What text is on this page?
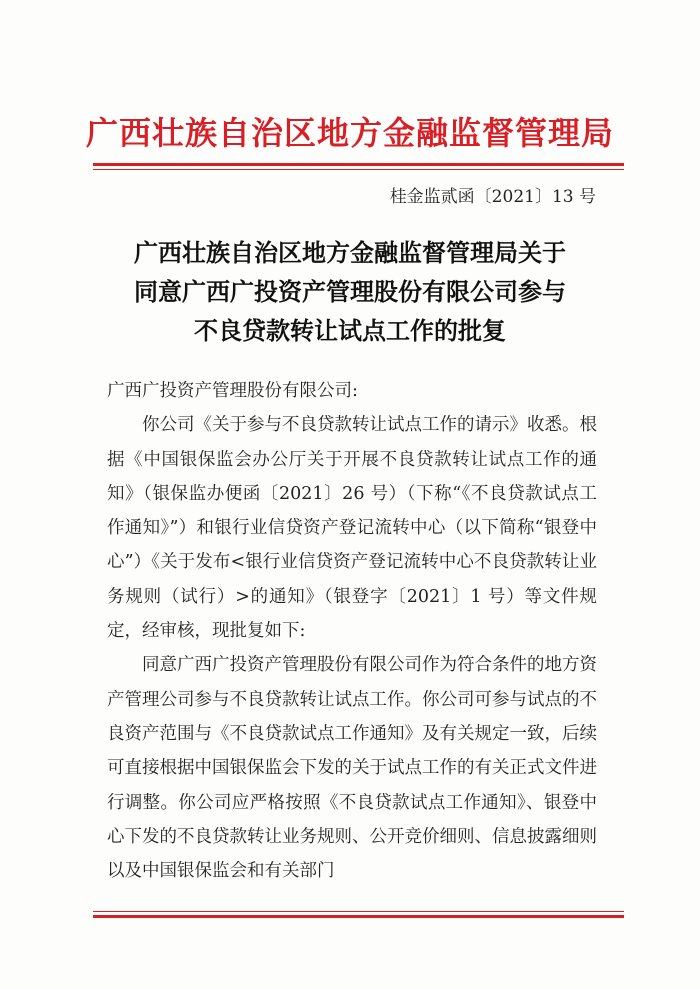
广西壮族自治区地方金融监督管理局
桂金监贰函〔2021〕13 号
广西壮族自治区地方金融监督管理局关于
同意广西广投资产管理股份有限公司参与
不良贷款转让试点工作的批复

广西广投资产管理股份有限公司:

你公司《关于参与不良贷款转让试点工作的请示》收悉。根据《中国银保监会办公厅关于开展不良贷款转让试点工作的通知》（银保监办便函〔2021〕26 号）（下称“《不良贷款试点工作通知》”）和银行业信贷资产登记流转中心（以下简称“银登中心”）《关于发布<银行业信贷资产登记流转中心不良贷款转让业务规则（试行）>的通知》（银登字〔2021〕1 号）等文件规定，经审核，现批复如下:

同意广西广投资产管理股份有限公司作为符合条件的地方资产管理公司参与不良贷款转让试点工作。你公司可参与试点的不良资产范围与《不良贷款试点工作通知》及有关规定一致，后续可直接根据中国银保监会下发的关于试点工作的有关正式文件进行调整。你公司应严格按照《不良贷款试点工作通知》、银登中心下发的不良贷款转让业务规则、公开竞价细则、信息披露细则以及中国银保监会和有关部门
